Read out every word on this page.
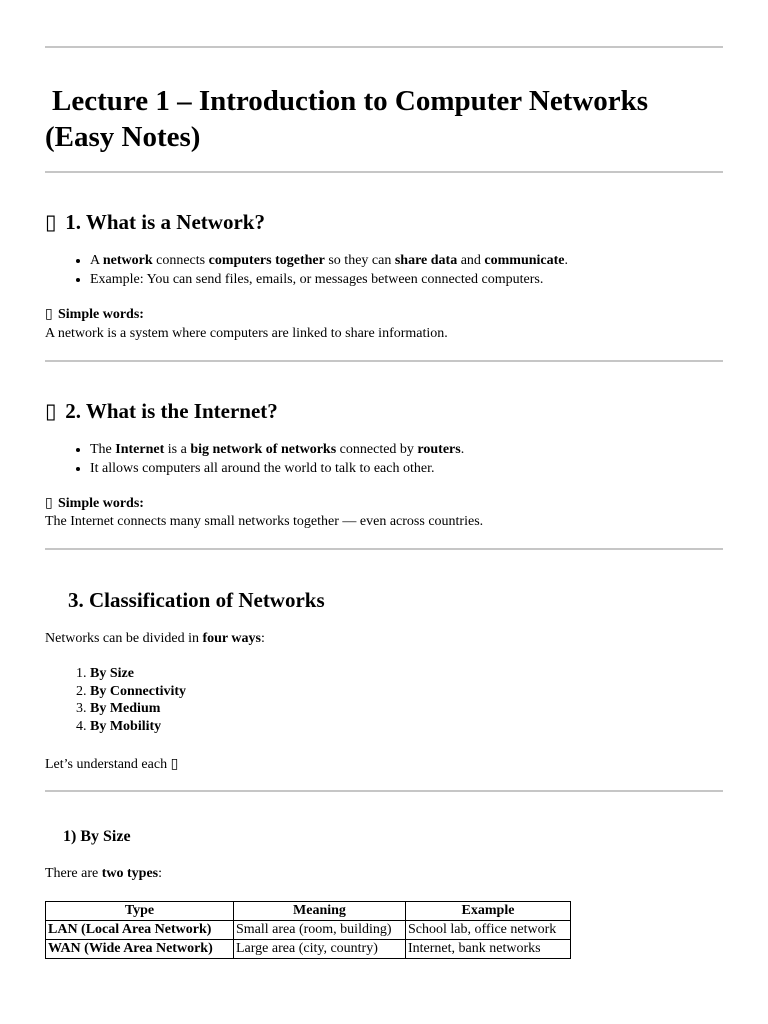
Lecture 1 – Introduction to Computer Networks
(Easy Notes)
▯ 1. What is a Network?
• A network connects computers together so they can share data and communicate.
• Example: You can send files, emails, or messages between connected computers.

▯ Simple words:

A network is a system where computers are linked to share information.

▯ 2. What is the Internet?
• The Internet is a big network of networks connected by routers.
• It allows computers all around the world to talk to each other.

▯ Simple words:

The Internet connects many small networks together — even across countries.

3. Classification of Networks

Networks can be divided in four ways:

1. By Size
2. By Connectivity
3. By Medium
4. By Mobility

Let’s understand each ▯

1) By Size

There are two types:

Type	Meaning	Example
LAN (Local Area Network)	Small area (room, building)	School lab, office network
WAN (Wide Area Network)	Large area (city, country)	Internet, bank networks
